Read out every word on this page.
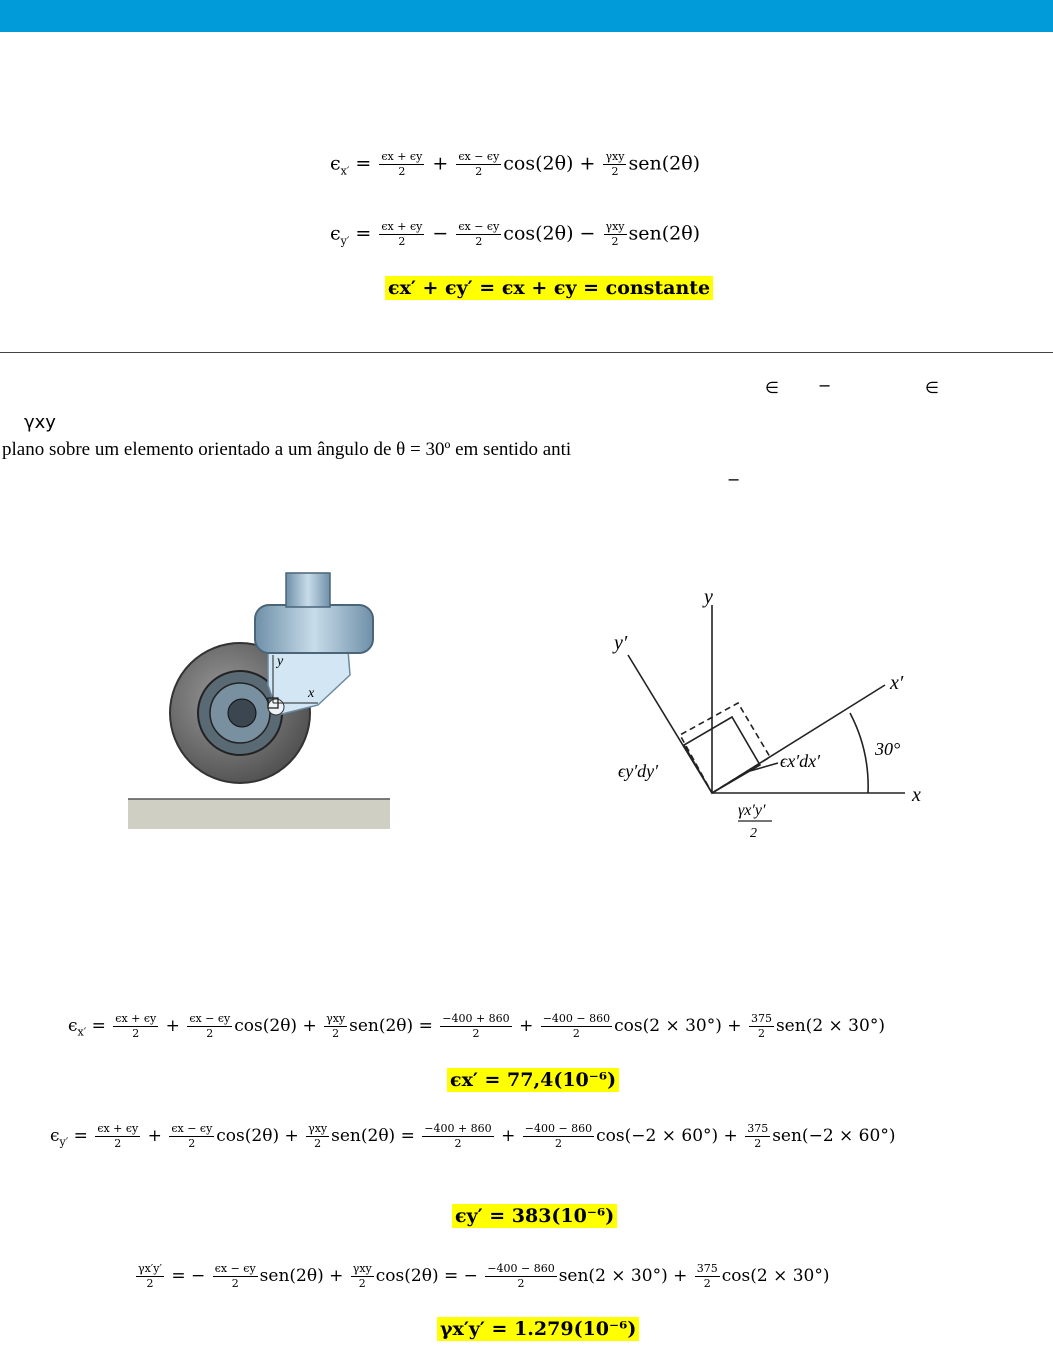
$\epsilon_{x'} = \frac{\epsilon x + \epsilon y}{2} + \frac{\epsilon x - \epsilon y}{2} \cos(2\theta) + \frac{\text{γxy}}{2} sen(2\theta)$
$\epsilon_{y'} = \frac{\epsilon x + \epsilon y}{2} - \frac{\epsilon x - \epsilon y}{2} \cos(2\theta) - \frac{\text{γxy}}{2} sen(2\theta)$
ϵx′ + ϵy′ = ϵx + ϵy = constante
∈ −	∈
γxy
plano sobre um elemento orientado a um ângulo de θ = 30º em sentido anti
−
y
x
y
x
y′
x′
30°
ϵy′dy′	ϵx′dx′
γx′y′
2
$\epsilon_{x'} = \frac{\epsilon x + \epsilon y}{2} + \frac{\epsilon x - \epsilon y}{2} \cos(2\theta) + \frac{\text{γxy}}{2} sen(2\theta) = \frac{-400 + 860}{2} + \frac{-400 - 860}{2} \cos(2 \times 30^\circ) + \frac{375}{2} sen(2 \times 30^\circ)$
ϵx′ = 77,4(10⁻⁶)
$\epsilon_{y'} = \frac{\epsilon x + \epsilon y}{2} + \frac{\epsilon x - \epsilon y}{2} \cos(2\theta) + \frac{\text{γxy}}{2} sen(2\theta) = \frac{-400 + 860}{2} + \frac{-400 - 860}{2} \cos(-2 \times 60^\circ) + \frac{375}{2} sen(-2 \times 60^\circ)$
ϵy′ = 383(10⁻⁶)
$\frac{\gamma x'y'}{2}$ = − $\frac{\epsilon x - \epsilon y}{2} sen(2\theta) + \frac{\text{γxy}}{2} \cos(2\theta)$ = − $\frac{-400 - 860}{2} sen(2 \times 30^\circ) + \frac{375}{2} \cos(2 \times 30^\circ)$
γx′y′ = 1.279(10⁻⁶)
